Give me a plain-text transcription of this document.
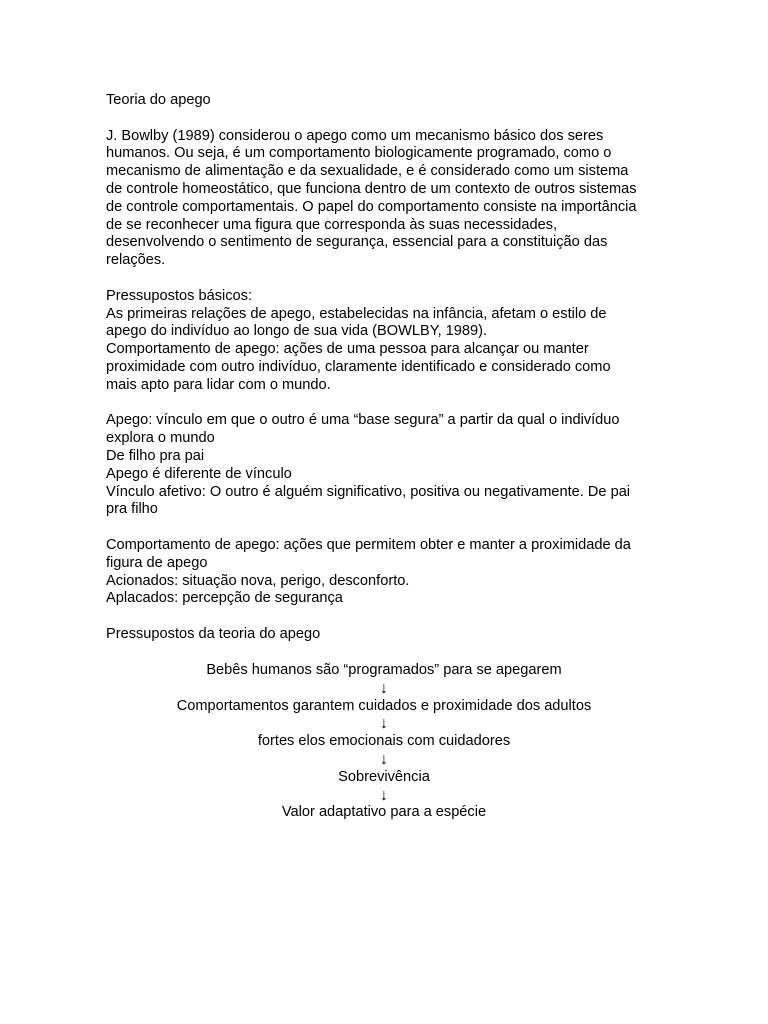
Teoria do apego

J. Bowlby (1989) considerou o apego como um mecanismo básico dos seres
humanos. Ou seja, é um comportamento biologicamente programado, como o
mecanismo de alimentação e da sexualidade, e é considerado como um sistema
de controle homeostático, que funciona dentro de um contexto de outros sistemas
de controle comportamentais. O papel do comportamento consiste na importância
de se reconhecer uma figura que corresponda às suas necessidades,
desenvolvendo o sentimento de segurança, essencial para a constituição das
relações.

Pressupostos básicos:
As primeiras relações de apego, estabelecidas na infância, afetam o estilo de
apego do indivíduo ao longo de sua vida (BOWLBY, 1989).
Comportamento de apego: ações de uma pessoa para alcançar ou manter
proximidade com outro indivíduo, claramente identificado e considerado como
mais apto para lidar com o mundo.

Apego: vínculo em que o outro é uma “base segura” a partir da qual o indivíduo
explora o mundo
De filho pra pai
Apego é diferente de vínculo
Vínculo afetivo: O outro é alguém significativo, positiva ou negativamente. De pai
pra filho

Comportamento de apego: ações que permitem obter e manter a proximidade da
figura de apego
Acionados: situação nova, perigo, desconforto.
Aplacados: percepção de segurança

Pressupostos da teoria do apego

Bebês humanos são “programados” para se apegarem
↓
Comportamentos garantem cuidados e proximidade dos adultos
↓
fortes elos emocionais com cuidadores
↓
Sobrevivência
↓
Valor adaptativo para a espécie
